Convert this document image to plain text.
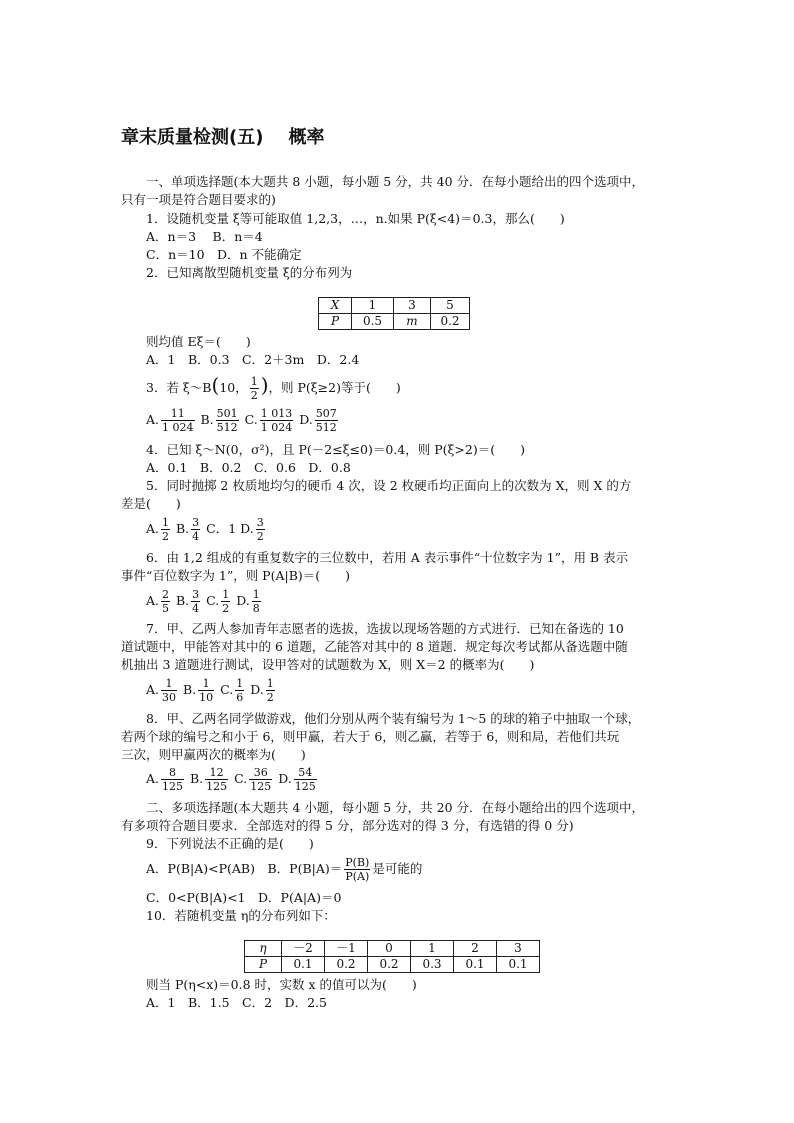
章末质量检测(五)    概率
一、单项选择题(本大题共 8 小题，每小题 5 分，共 40 分．在每小题给出的四个选项中，
只有一项是符合题目要求的)
1．设随机变量 ξ等可能取值 1,2,3，…，n.如果 P(ξ<4)＝0.3，那么(　　)
A．n＝3　 B．n＝4
C．n＝10　D．n 不能确定
2．已知离散型随机变量 ξ的分布列为
X	1	3	5
P	0.5	m	0.2
则均值 Eξ＝(　　)
A．1　B．0.3　C．2＋3m　D．2.4
3．若 ξ～B(10， $\frac{1}{2}$ )，则 P(ξ≥2)等于(　　)
A. $\frac{11}{1 024} B$. $\frac{501}{512} C$. $\frac{1 013}{1 024} D$. $\frac{507}{512}$
4．已知 ξ～N(0，σ²)，且 P(－2≤ξ≤0)＝0.4，则 P(ξ>2)＝(　　)
A．0.1　B．0.2　C．0.6　D．0.8
5．同时抛掷 2 枚质地均匀的硬币 4 次，设 2 枚硬币均正面向上的次数为 X，则 X 的方
差是(　　)
A. $\frac{1}{2} B$. $\frac{3}{4}$ C．1 D. $\frac{3}{2}$
6．由 1,2 组成的有重复数字的三位数中，若用 A 表示事件“十位数字为 1”，用 B 表示
事件“百位数字为 1”，则 P(A|B)＝(　　)
A. $\frac{2}{5} B$. $\frac{3}{4} C$. $\frac{1}{2} D$. $\frac{1}{8}$
7．甲、乙两人参加青年志愿者的选拔，选拔以现场答题的方式进行．已知在备选的 10
道试题中，甲能答对其中的 6 道题，乙能答对其中的 8 道题．规定每次考试都从备选题中随
机抽出 3 道题进行测试，设甲答对的试题数为 X，则 X＝2 的概率为(　　)
A. $\frac{1}{30} B$. $\frac{1}{10} C$. $\frac{1}{6} D$. $\frac{1}{2}$
8．甲、乙两名同学做游戏，他们分别从两个装有编号为 1～5 的球的箱子中抽取一个球，
若两个球的编号之和小于 6，则甲赢，若大于 6，则乙赢，若等于 6，则和局，若他们共玩
三次，则甲赢两次的概率为(　　)
A. $\frac{8}{125} B$. $\frac{12}{125} C$. $\frac{36}{125} D$. $\frac{54}{125}$
二、多项选择题(本大题共 4 小题，每小题 5 分，共 20 分．在每小题给出的四个选项中，
有多项符合题目要求．全部选对的得 5 分，部分选对的得 3 分，有选错的得 0 分)
9．下列说法不正确的是(　　)
A．P(B|A)<P(AB)　B．$P(B|A)= \frac{P(B)}{P(A)}$ 是可能的
C．0<P(B|A)<1　D．P(A|A)＝0
10．若随机变量 η的分布列如下：
η	－2	－1	0	1	2	3
P	0.1	0.2	0.2	0.3	0.1	0.1
则当 P(η<x)＝0.8 时，实数 x 的值可以为(　　)
A．1　B．1.5　C．2　D．2.5
